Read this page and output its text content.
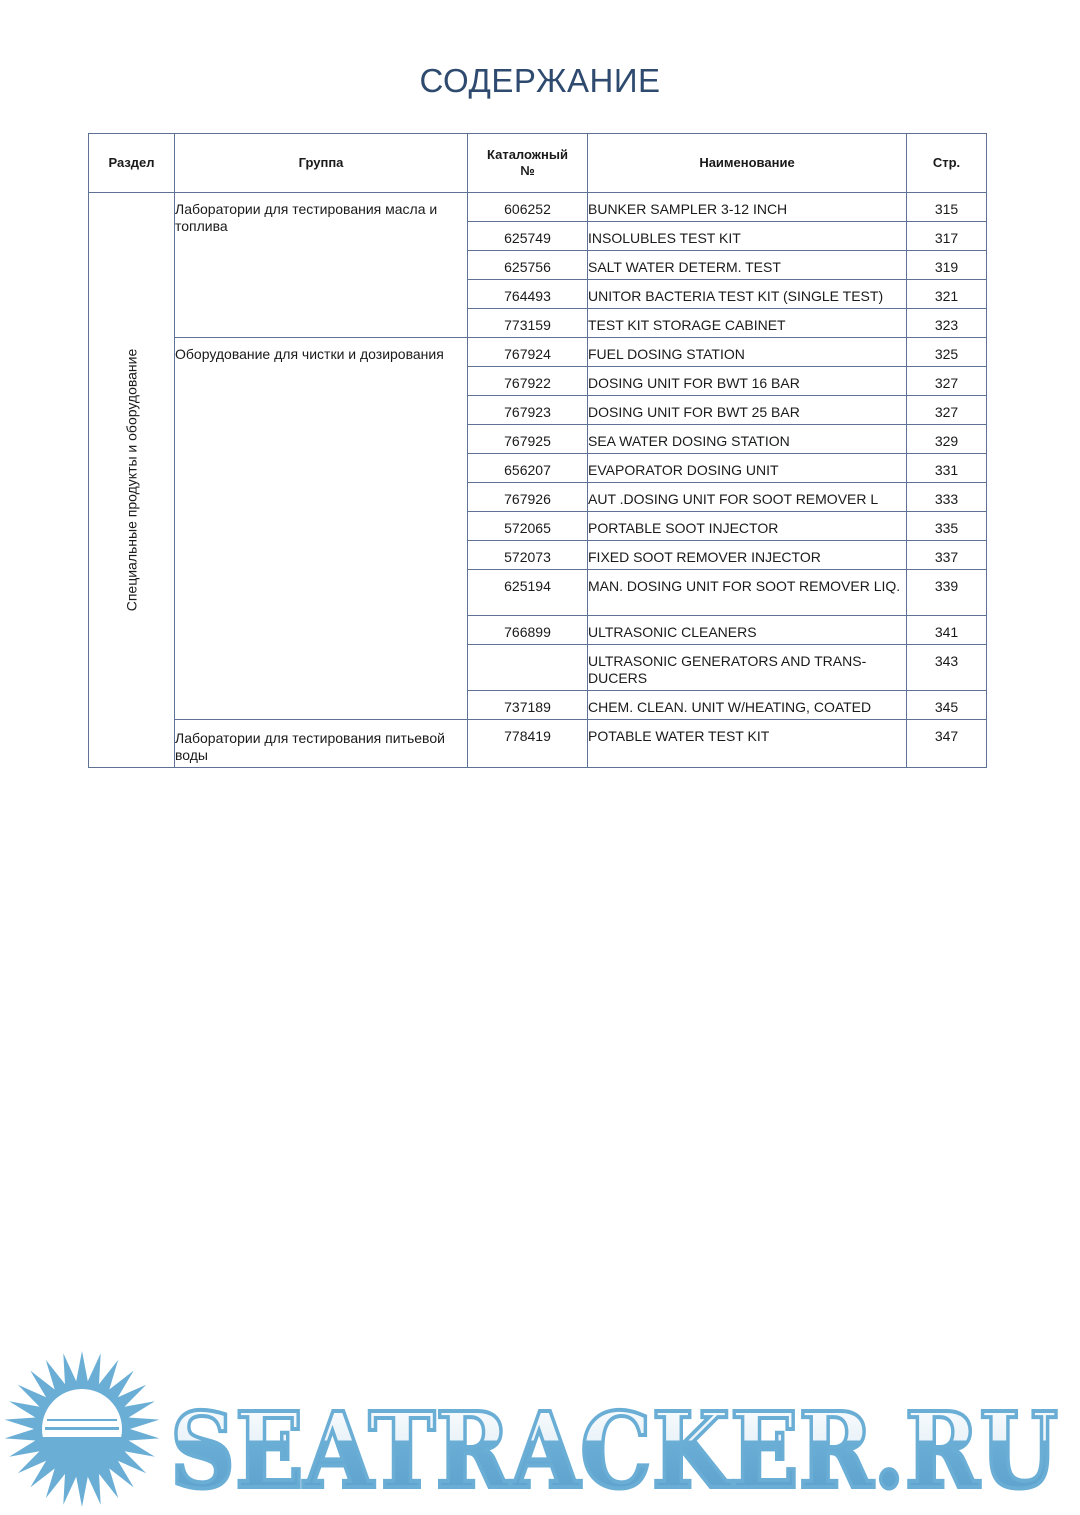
СОДЕРЖАНИЕ
Раздел	Группа	Каталожный №	Наименование	Стр.

Специальные продукты и оборудование	Лаборатории для тестирования масла и топлива	606252	BUNKER SAMPLER 3-12 INCH	315
		625749	INSOLUBLES TEST KIT	317
		625756	SALT WATER DETERM. TEST	319
		764493	UNITOR BACTERIA TEST KIT (SINGLE TEST)	321
		773159	TEST KIT STORAGE CABINET	323
	Оборудование для чистки и дозирования	767924	FUEL DOSING STATION	325
		767922	DOSING UNIT FOR BWT 16 BAR	327
		767923	DOSING UNIT FOR BWT 25 BAR	327
		767925	SEA WATER DOSING STATION	329
		656207	EVAPORATOR DOSING UNIT	331
		767926	AUT .DOSING UNIT FOR SOOT REMOVER L	333
		572065	PORTABLE SOOT INJECTOR	335
		572073	FIXED SOOT REMOVER INJECTOR	337
		625194	MAN. DOSING UNIT FOR SOOT REMOVER LIQ.	339
		766899	ULTRASONIC CLEANERS	341
			ULTRASONIC GENERATORS AND TRANS-DUCERS	343
		737189	CHEM. CLEAN. UNIT W/HEATING, COATED	345
	Лаборатории для тестирования питьевой воды	778419	POTABLE WATER TEST KIT	347
SEATRACKER.RU
